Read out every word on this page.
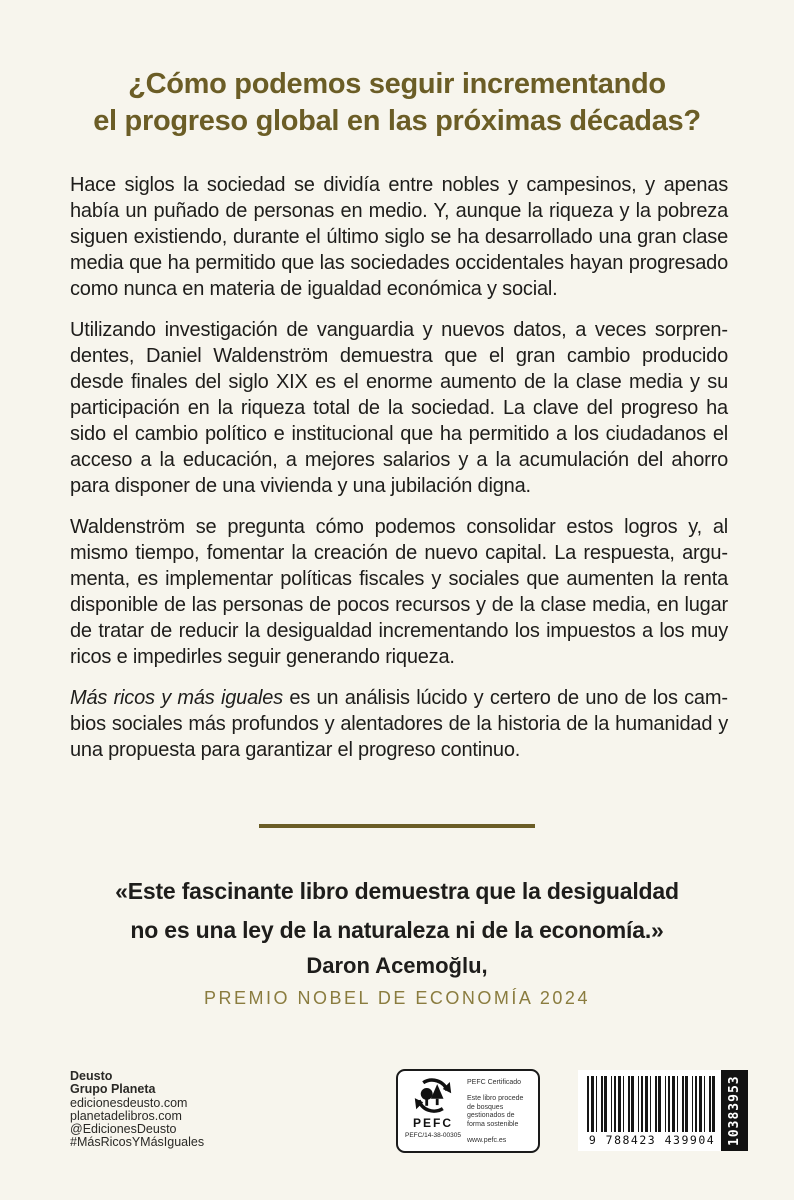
¿Cómo podemos seguir incrementando
el progreso global en las próximas décadas?

Hace siglos la sociedad se dividía entre nobles y campesinos, y apenas había un puñado de personas en medio. Y, aunque la riqueza y la pobreza siguen existiendo, durante el último siglo se ha desarrollado una gran clase media que ha permitido que las sociedades occidentales hayan progresado como nunca en materia de igualdad económica y social.

Utilizando investigación de vanguardia y nuevos datos, a veces sorprendentes, Daniel Waldenström demuestra que el gran cambio producido desde finales del siglo XIX es el enorme aumento de la clase media y su participación en la riqueza total de la sociedad. La clave del progreso ha sido el cambio político e institucional que ha permitido a los ciudadanos el acceso a la educación, a mejores salarios y a la acumulación del ahorro para disponer de una vivienda y una jubilación digna.

Waldenström se pregunta cómo podemos consolidar estos logros y, al mismo tiempo, fomentar la creación de nuevo capital. La respuesta, argumenta, es implementar políticas fiscales y sociales que aumenten la renta disponible de las personas de pocos recursos y de la clase media, en lugar de tratar de reducir la desigualdad incrementando los impuestos a los muy ricos e impedirles seguir generando riqueza.

Más ricos y más iguales es un análisis lúcido y certero de uno de los cambios sociales más profundos y alentadores de la historia de la humanidad y una propuesta para garantizar el progreso continuo.

«Este fascinante libro demuestra que la desigualdad
no es una ley de la naturaleza ni de la economía.»
Daron Acemoğlu,
PREMIO NOBEL DE ECONOMÍA 2024
Deusto
Grupo Planeta
edicionesdeusto.com
planetadelibros.com
@EdicionesDeusto
#MásRicosYMásIguales
PEFC
PEFC/14-38-00305
PEFC Certificado
Este libro procede de bosques gestionados de forma sostenible
www.pefc.es	9 788423 439904 10383953
